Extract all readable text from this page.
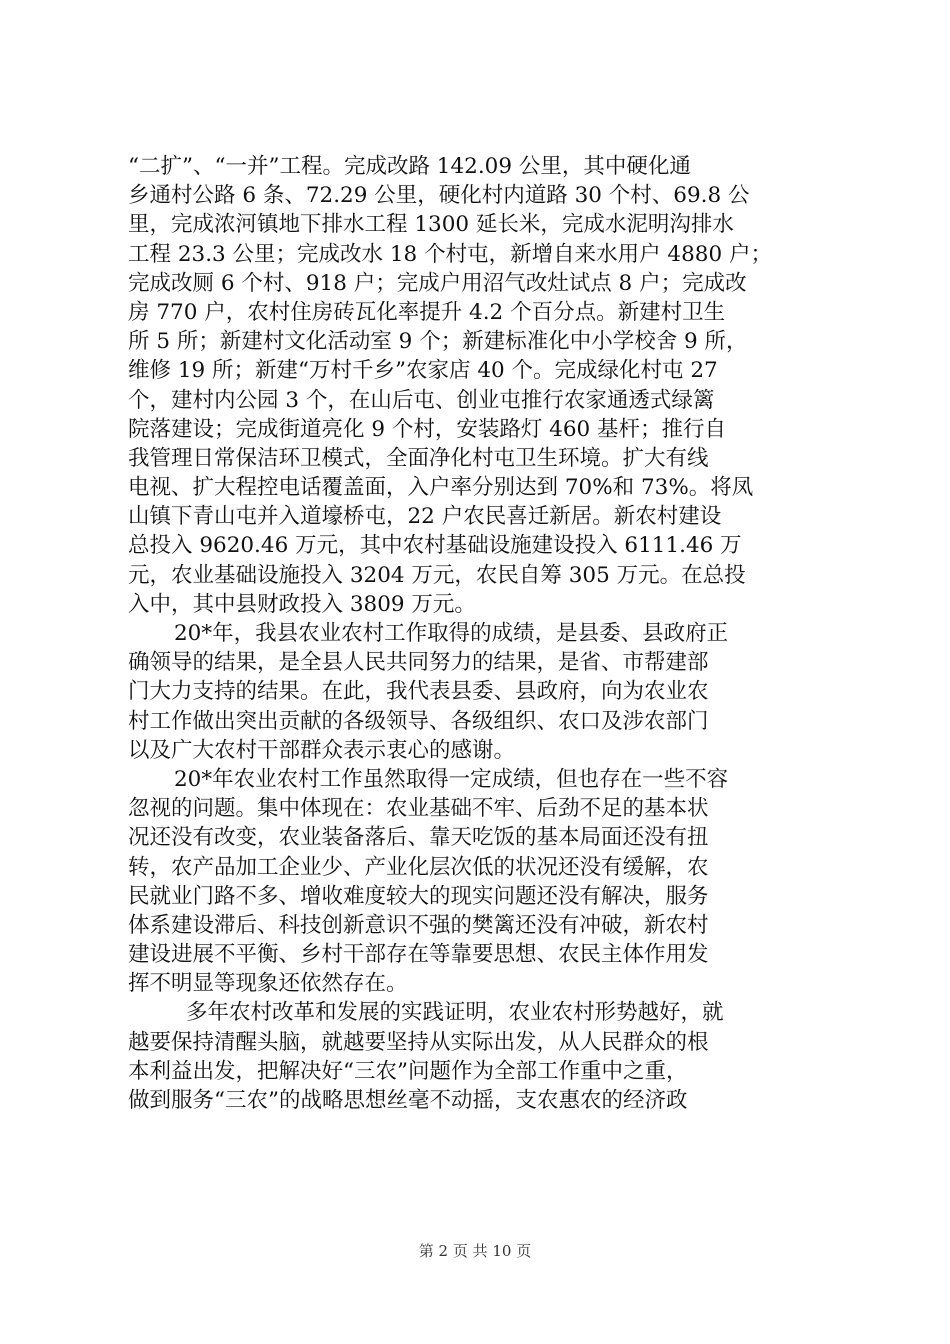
“二扩”、“一并”工程。完成改路 142.09 公里，其中硬化通
乡通村公路 6 条、72.29 公里，硬化村内道路 30 个村、69.8 公
里，完成浓河镇地下排水工程 1300 延长米，完成水泥明沟排水
工程 23.3 公里；完成改水 18 个村屯，新增自来水用户 4880 户；
完成改厕 6 个村、918 户；完成户用沼气改灶试点 8 户；完成改
房 770 户，农村住房砖瓦化率提升 4.2 个百分点。新建村卫生
所 5 所；新建村文化活动室 9 个；新建标准化中小学校舍 9 所，
维修 19 所；新建“万村千乡”农家店 40 个。完成绿化村屯 27
个，建村内公园 3 个，在山后屯、创业屯推行农家通透式绿篱
院落建设；完成街道亮化 9 个村，安装路灯 460 基杆；推行自
我管理日常保洁环卫模式，全面净化村屯卫生环境。扩大有线
电视、扩大程控电话覆盖面，入户率分别达到 70%和 73%。将凤
山镇下青山屯并入道壕桥屯，22 户农民喜迁新居。新农村建设
总投入 9620.46 万元，其中农村基础设施建设投入 6111.46 万
元，农业基础设施投入 3204 万元，农民自筹 305 万元。在总投
入中，其中县财政投入 3809 万元。
20*年，我县农业农村工作取得的成绩，是县委、县政府正
确领导的结果，是全县人民共同努力的结果，是省、市帮建部
门大力支持的结果。在此，我代表县委、县政府，向为农业农
村工作做出突出贡献的各级领导、各级组织、农口及涉农部门
以及广大农村干部群众表示衷心的感谢。
20*年农业农村工作虽然取得一定成绩，但也存在一些不容
忽视的问题。集中体现在：农业基础不牢、后劲不足的基本状
况还没有改变，农业装备落后、靠天吃饭的基本局面还没有扭
转，农产品加工企业少、产业化层次低的状况还没有缓解，农
民就业门路不多、增收难度较大的现实问题还没有解决，服务
体系建设滞后、科技创新意识不强的樊篱还没有冲破，新农村
建设进展不平衡、乡村干部存在等靠要思想、农民主体作用发
挥不明显等现象还依然存在。
多年农村改革和发展的实践证明，农业农村形势越好，就
越要保持清醒头脑，就越要坚持从实际出发，从人民群众的根
本利益出发，把解决好“三农”问题作为全部工作重中之重，
做到服务“三农”的战略思想丝毫不动摇，支农惠农的经济政
第 2 页 共 10 页
